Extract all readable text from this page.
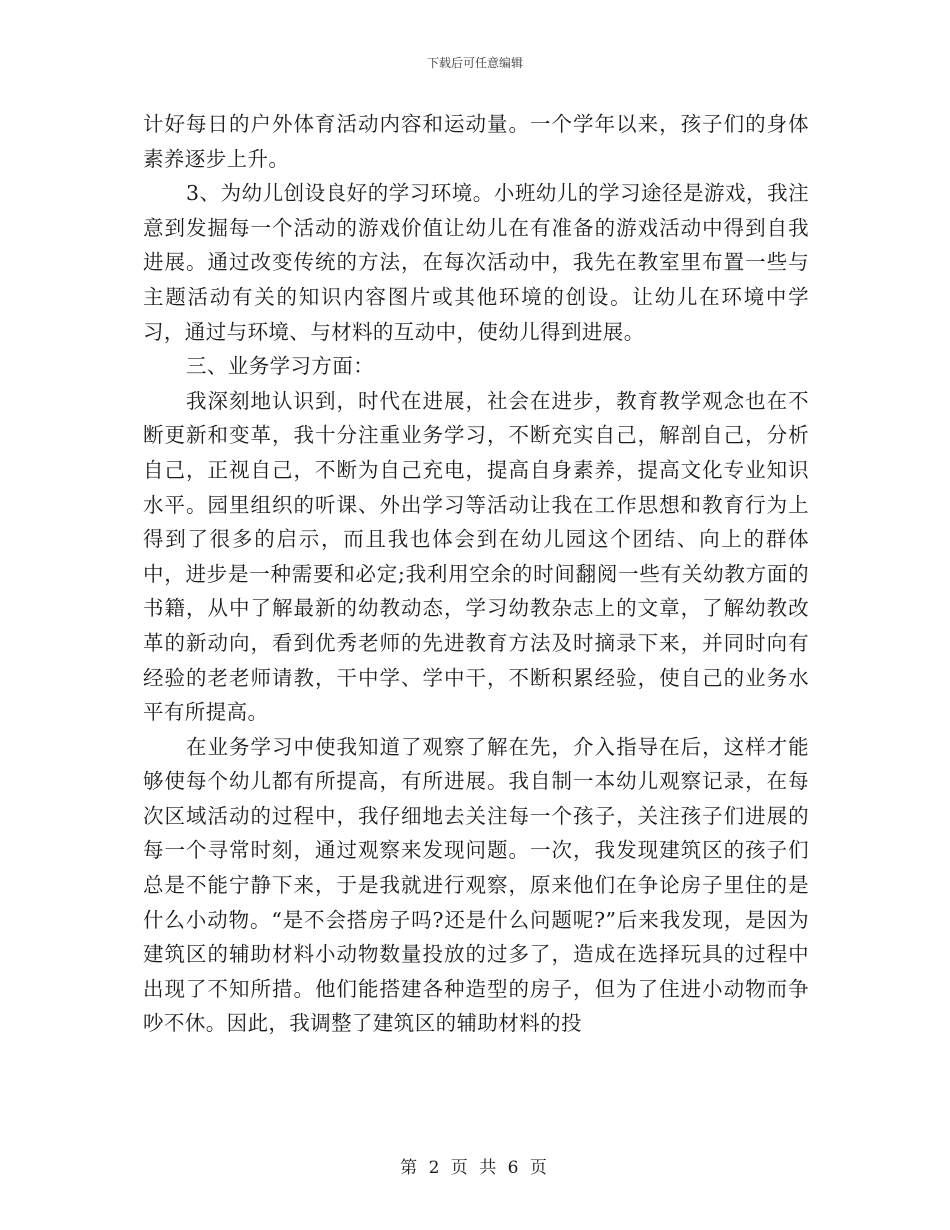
下载后可任意编辑

计好每日的户外体育活动内容和运动量。一个学年以来，孩子们的身体素养逐步上升。

3、为幼儿创设良好的学习环境。小班幼儿的学习途径是游戏，我注意到发掘每一个活动的游戏价值让幼儿在有准备的游戏活动中得到自我进展。通过改变传统的方法，在每次活动中，我先在教室里布置一些与主题活动有关的知识内容图片或其他环境的创设。让幼儿在环境中学习，通过与环境、与材料的互动中，使幼儿得到进展。

三、业务学习方面：

我深刻地认识到，时代在进展，社会在进步，教育教学观念也在不断更新和变革，我十分注重业务学习，不断充实自己，解剖自己，分析自己，正视自己，不断为自己充电，提高自身素养，提高文化专业知识水平。园里组织的听课、外出学习等活动让我在工作思想和教育行为上得到了很多的启示，而且我也体会到在幼儿园这个团结、向上的群体中，进步是一种需要和必定;我利用空余的时间翻阅一些有关幼教方面的书籍，从中了解最新的幼教动态，学习幼教杂志上的文章，了解幼教改革的新动向，看到优秀老师的先进教育方法及时摘录下来，并同时向有经验的老老师请教，干中学、学中干，不断积累经验，使自己的业务水平有所提高。

在业务学习中使我知道了观察了解在先，介入指导在后，这样才能够使每个幼儿都有所提高，有所进展。我自制一本幼儿观察记录，在每次区域活动的过程中，我仔细地去关注每一个孩子，关注孩子们进展的每一个寻常时刻，通过观察来发现问题。一次，我发现建筑区的孩子们总是不能宁静下来，于是我就进行观察，原来他们在争论房子里住的是什么小动物。“是不会搭房子吗?还是什么问题呢?”后来我发现，是因为建筑区的辅助材料小动物数量投放的过多了，造成在选择玩具的过程中出现了不知所措。他们能搭建各种造型的房子，但为了住进小动物而争吵不休。因此，我调整了建筑区的辅助材料的投

第 2 页 共 6 页
